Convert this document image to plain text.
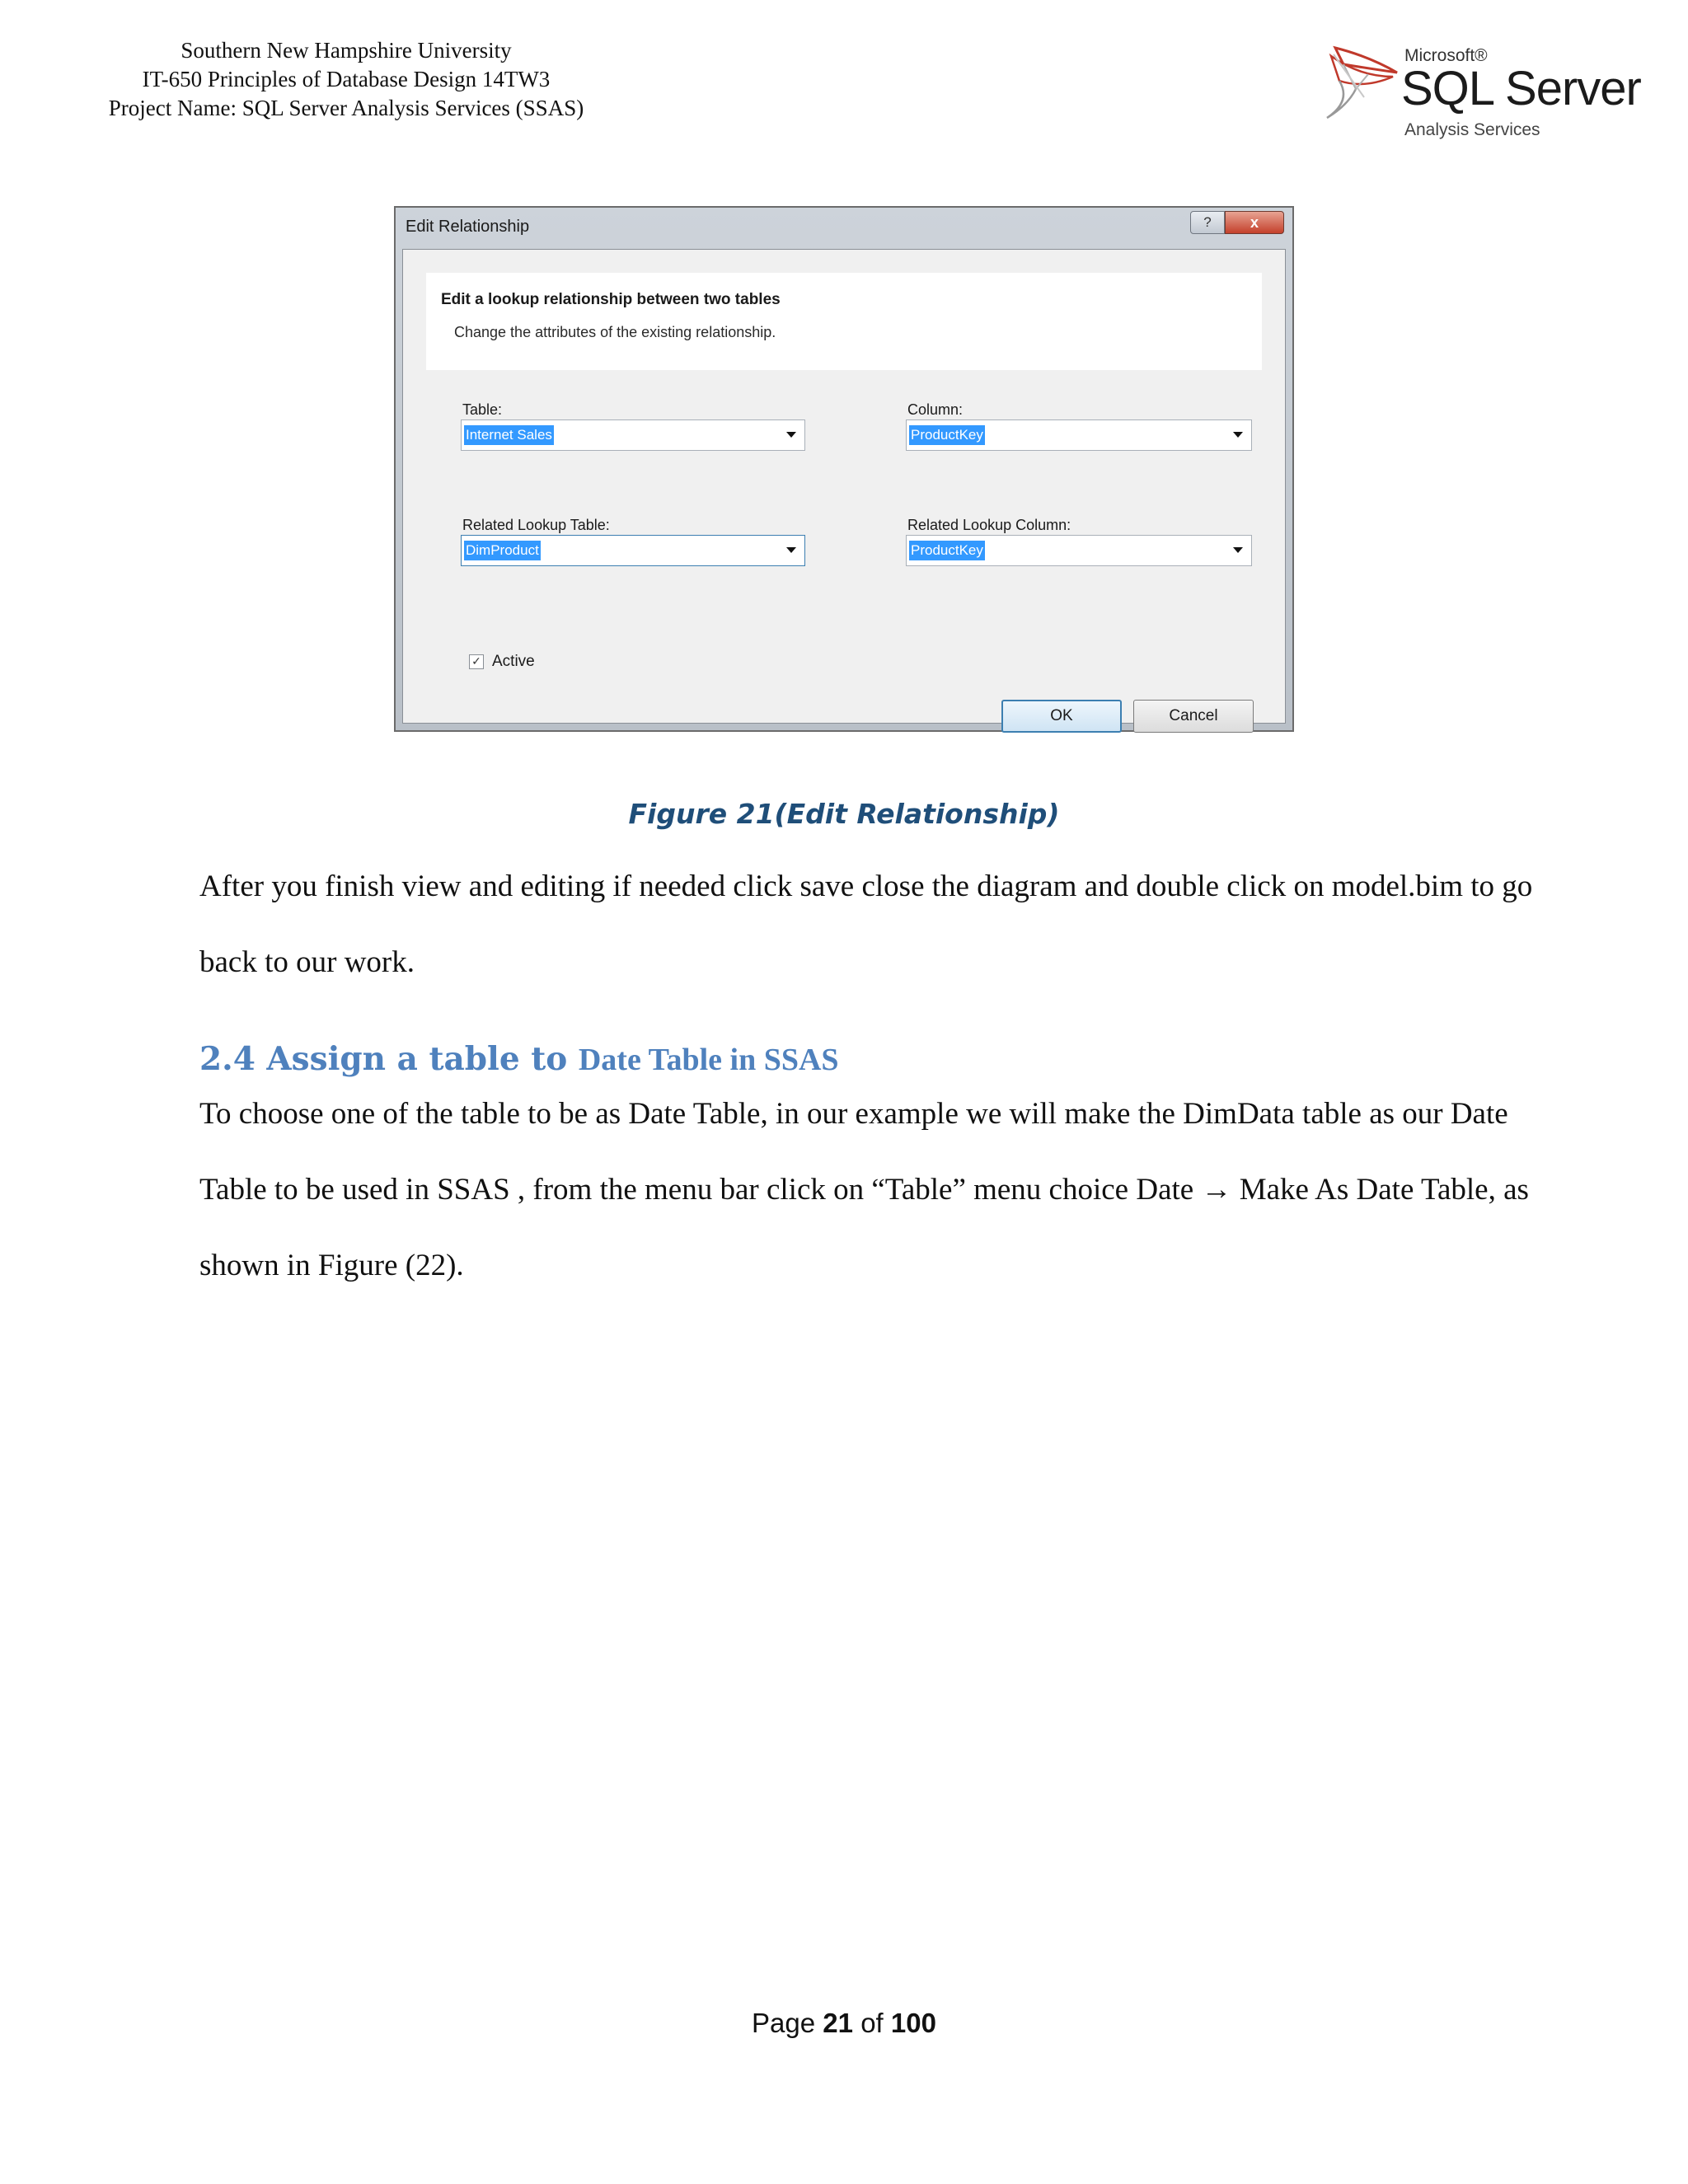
Southern New Hampshire University
IT-650 Principles of Database Design 14TW3
Project Name: SQL Server Analysis Services (SSAS)
Microsoft®
SQL Server
Analysis Services
Edit Relationship	?	x
Edit a lookup relationship between two tables
Change the attributes of the existing relationship.
Table:
Internet Sales
Column:
ProductKey
Related Lookup Table:
DimProduct
Related Lookup Column:
ProductKey
✓ Active
OK	Cancel
Figure 21(Edit Relationship)
After you finish view and editing if needed click save close the diagram and double click on model.bim to go back to our work.
2.4 Assign a table to Date Table in SSAS
To choose one of the table to be as Date Table, in our example we will make the DimData table as our Date Table to be used in SSAS , from the menu bar click on “Table” menu choice Date → Make As Date Table, as shown in Figure (22).
Page 21 of 100
